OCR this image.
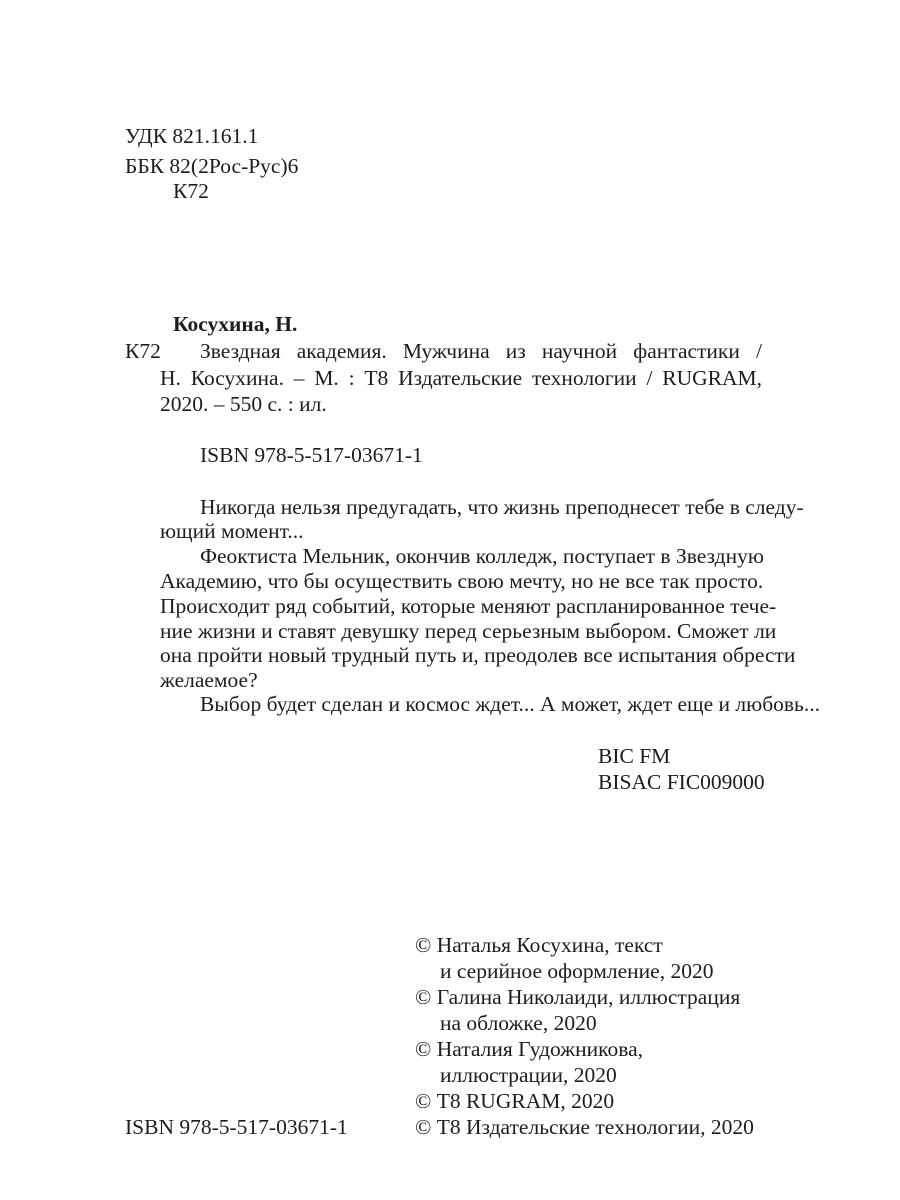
УДК 821.161.1
ББК 82(2Рос-Рус)6
К72
Косухина, Н.
К72 Звездная академия. Мужчина из научной фантастики /
Н. Косухина. – М. : Т8 Издательские технологии / RUGRAM,
2020. – 550 с. : ил.
ISBN 978-5-517-03671-1
Никогда нельзя предугадать, что жизнь преподнесет тебе в следу-
ющий момент...
Феоктиста Мельник, окончив колледж, поступает в Звездную
Академию, что бы осуществить свою мечту, но не все так просто.
Происходит ряд событий, которые меняют распланированное тече-
ние жизни и ставят девушку перед серьезным выбором. Сможет ли
она пройти новый трудный путь и, преодолев все испытания обрести
желаемое?
Выбор будет сделан и космос ждет... А может, ждет еще и любовь...
BIC FM
BISAC FIC009000
© Наталья Косухина, текст
и серийное оформление, 2020
© Галина Николаиди, иллюстрация
на обложке, 2020
© Наталия Гудожникова,
иллюстрации, 2020
© Т8 RUGRAM, 2020
© Т8 Издательские технологии, 2020
ISBN 978-5-517-03671-1
